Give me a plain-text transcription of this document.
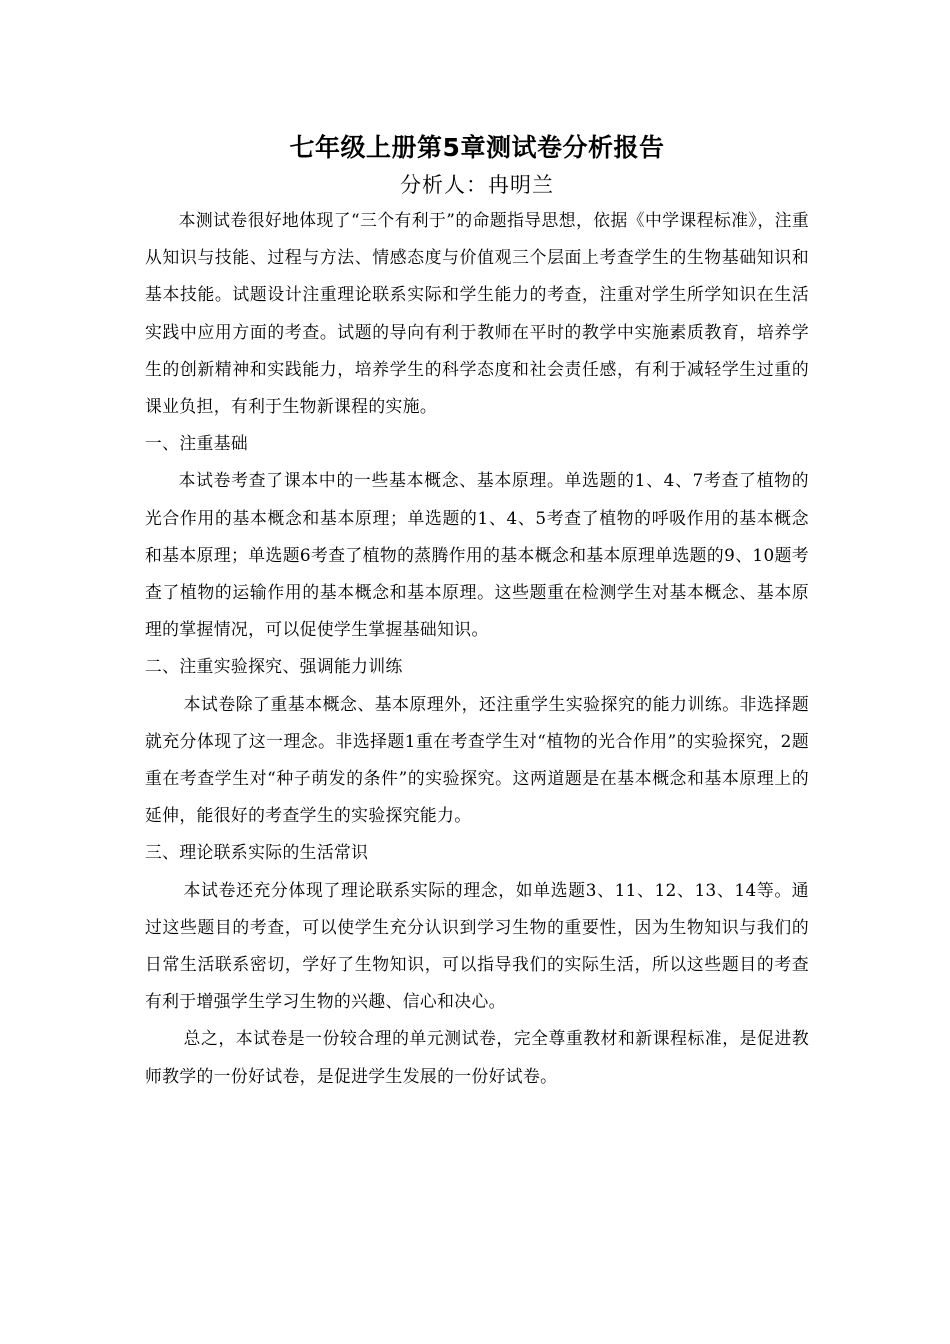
七年级上册第5章测试卷分析报告

分析人：冉明兰

本测试卷很好地体现了“三个有利于”的命题指导思想，依据《中学课程标准》，注重从知识与技能、过程与方法、情感态度与价值观三个层面上考查学生的生物基础知识和基本技能。试题设计注重理论联系实际和学生能力的考查，注重对学生所学知识在生活实践中应用方面的考查。试题的导向有利于教师在平时的教学中实施素质教育，培养学生的创新精神和实践能力，培养学生的科学态度和社会责任感，有利于减轻学生过重的课业负担，有利于生物新课程的实施。

一、注重基础

本试卷考查了课本中的一些基本概念、基本原理。单选题的1、4、7考查了植物的光合作用的基本概念和基本原理；单选题的1、4、5考查了植物的呼吸作用的基本概念和基本原理；单选题6考查了植物的蒸腾作用的基本概念和基本原理单选题的9、10题考查了植物的运输作用的基本概念和基本原理。这些题重在检测学生对基本概念、基本原理的掌握情况，可以促使学生掌握基础知识。

二、注重实验探究、强调能力训练

本试卷除了重基本概念、基本原理外，还注重学生实验探究的能力训练。非选择题就充分体现了这一理念。非选择题1重在考查学生对“植物的光合作用”的实验探究，2题重在考查学生对“种子萌发的条件”的实验探究。这两道题是在基本概念和基本原理上的延伸，能很好的考查学生的实验探究能力。

三、理论联系实际的生活常识

本试卷还充分体现了理论联系实际的理念，如单选题3、11、12、13、14等。通过这些题目的考查，可以使学生充分认识到学习生物的重要性，因为生物知识与我们的日常生活联系密切，学好了生物知识，可以指导我们的实际生活，所以这些题目的考查有利于增强学生学习生物的兴趣、信心和决心。

总之，本试卷是一份较合理的单元测试卷，完全尊重教材和新课程标准，是促进教师教学的一份好试卷，是促进学生发展的一份好试卷。
